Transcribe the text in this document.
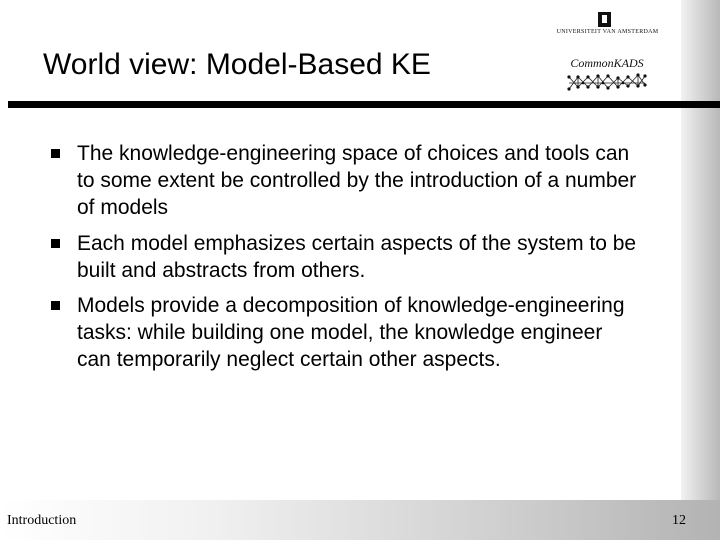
UNIVERSITEIT VAN AMSTERDAM
CommonKADS
World view: Model-Based KE
The knowledge-engineering space of choices and tools can to some extent be controlled by the introduction of a number of models
Each model emphasizes certain aspects of the system to be built and abstracts from others.
Models provide a decomposition of knowledge-engineering tasks: while building one model, the knowledge engineer can temporarily neglect certain other aspects.
Introduction	12
